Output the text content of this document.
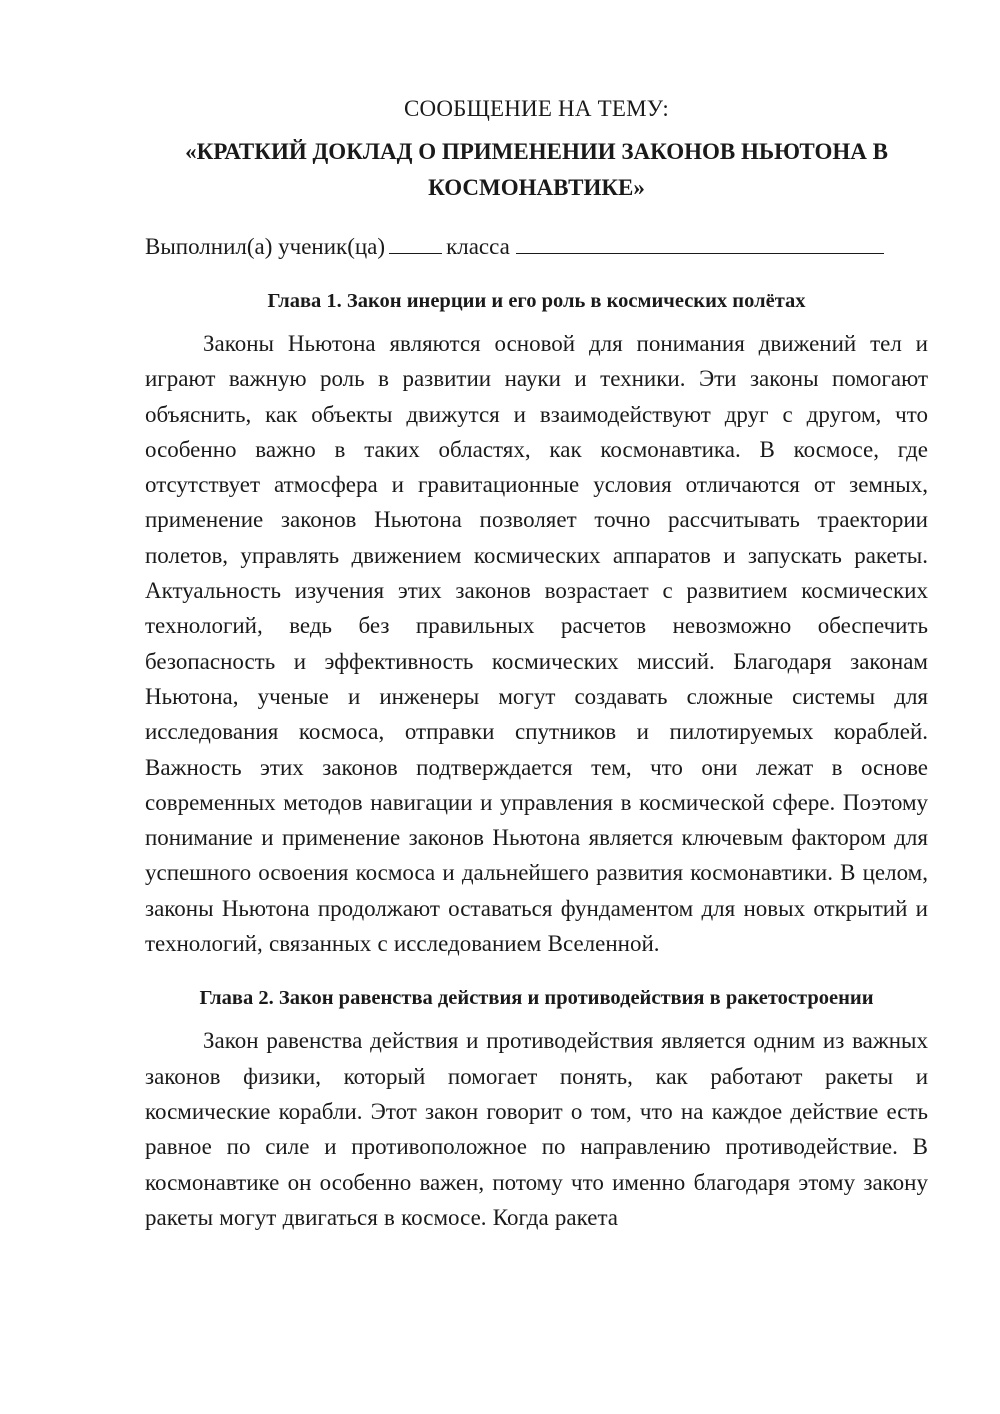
СООБЩЕНИЕ НА ТЕМУ:

«КРАТКИЙ ДОКЛАД О ПРИМЕНЕНИИ ЗАКОНОВ НЬЮТОНА В КОСМОНАВТИКЕ»

Выполнил(а) ученик(ца)	класса

Глава 1. Закон инерции и его роль в космических полётах

Законы Ньютона являются основой для понимания движений тел и играют важную роль в развитии науки и техники. Эти законы помогают объяснить, как объекты движутся и взаимодействуют друг с другом, что особенно важно в таких областях, как космонавтика. В космосе, где отсутствует атмосфера и гравитационные условия отличаются от земных, применение законов Ньютона позволяет точно рассчитывать траектории полетов, управлять движением космических аппаратов и запускать ракеты. Актуальность изучения этих законов возрастает с развитием космических технологий, ведь без правильных расчетов невозможно обеспечить безопасность и эффективность космических миссий. Благодаря законам Ньютона, ученые и инженеры могут создавать сложные системы для исследования космоса, отправки спутников и пилотируемых кораблей. Важность этих законов подтверждается тем, что они лежат в основе современных методов навигации и управления в космической сфере. Поэтому понимание и применение законов Ньютона является ключевым фактором для успешного освоения космоса и дальнейшего развития космонавтики. В целом, законы Ньютона продолжают оставаться фундаментом для новых открытий и технологий, связанных с исследованием Вселенной.

Глава 2. Закон равенства действия и противодействия в ракетостроении

Закон равенства действия и противодействия является одним из важных законов физики, который помогает понять, как работают ракеты и космические корабли. Этот закон говорит о том, что на каждое действие есть равное по силе и противоположное по направлению противодействие. В космонавтике он особенно важен, потому что именно благодаря этому закону ракеты могут двигаться в космосе. Когда ракета
